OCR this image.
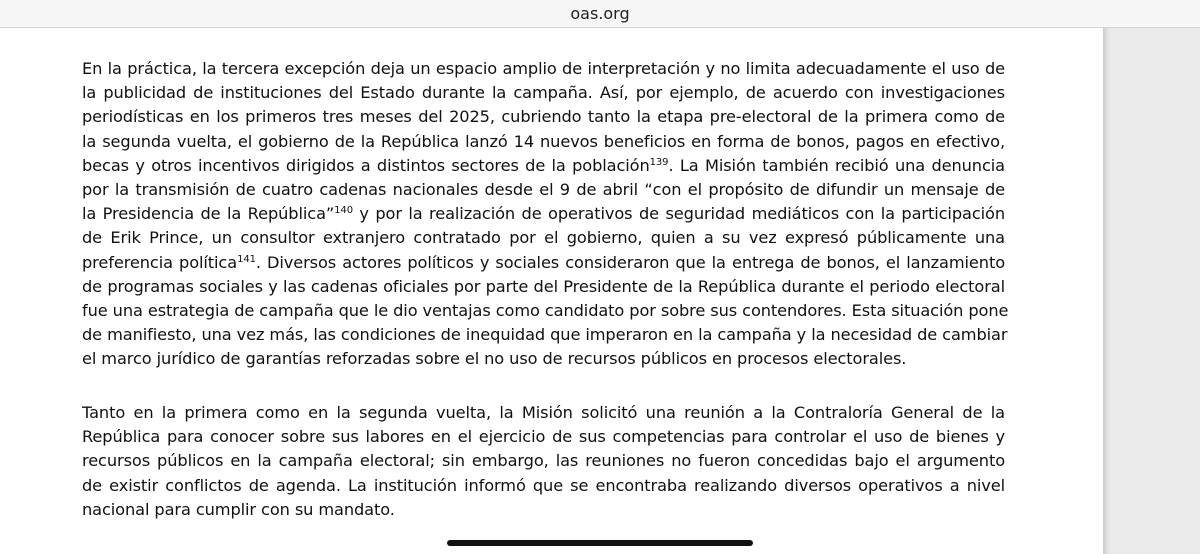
oas.org

En la práctica, la tercera excepción deja un espacio amplio de interpretación y no limita adecuadamente el uso de
la publicidad de instituciones del Estado durante la campaña. Así, por ejemplo, de acuerdo con investigaciones
periodísticas en los primeros tres meses del 2025, cubriendo tanto la etapa pre-electoral de la primera como de
la segunda vuelta, el gobierno de la República lanzó 14 nuevos beneficios en forma de bonos, pagos en efectivo,
becas y otros incentivos dirigidos a distintos sectores de la población$^{139}$. La Misión también recibió una denuncia
por la transmisión de cuatro cadenas nacionales desde el 9 de abril “con el propósito de difundir un mensaje de
la Presidencia de la República”$^{140}$ y por la realización de operativos de seguridad mediáticos con la participación
de Erik Prince, un consultor extranjero contratado por el gobierno, quien a su vez expresó públicamente una
preferencia política$^{141}$. Diversos actores políticos y sociales consideraron que la entrega de bonos, el lanzamiento
de programas sociales y las cadenas oficiales por parte del Presidente de la República durante el periodo electoral
fue una estrategia de campaña que le dio ventajas como candidato por sobre sus contendores. Esta situación pone
de manifiesto, una vez más, las condiciones de inequidad que imperaron en la campaña y la necesidad de cambiar
el marco jurídico de garantías reforzadas sobre el no uso de recursos públicos en procesos electorales.

Tanto en la primera como en la segunda vuelta, la Misión solicitó una reunión a la Contraloría General de la
República para conocer sobre sus labores en el ejercicio de sus competencias para controlar el uso de bienes y
recursos públicos en la campaña electoral; sin embargo, las reuniones no fueron concedidas bajo el argumento
de existir conflictos de agenda. La institución informó que se encontraba realizando diversos operativos a nivel
nacional para cumplir con su mandato.
